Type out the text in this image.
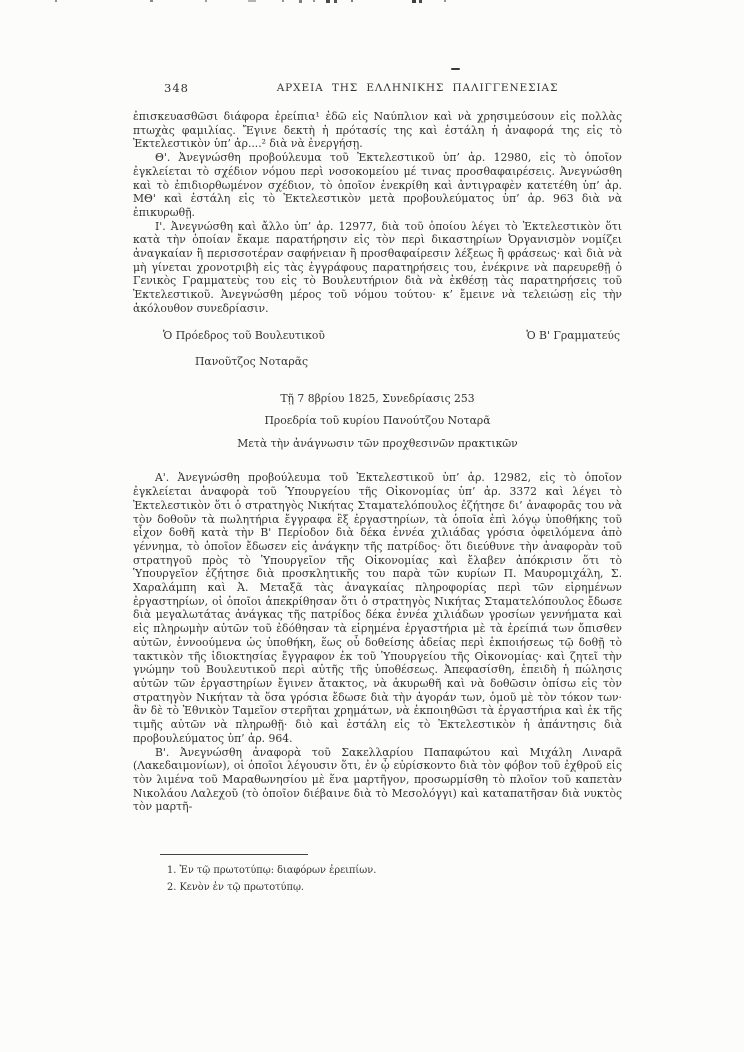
348	ΑΡΧΕΙΑ ΤΗΣ ΕΛΛΗΝΙΚΗΣ ΠΑΛΙΓΓΕΝΕΣΙΑΣ

ἐπισκευασθῶσι διάφορα ἐρείπια¹ ἐδῶ εἰς Ναύπλιον καὶ νὰ χρησιμεύσουν εἰς πολλὰς πτωχὰς φαμιλίας. Ἔγινε δεκτὴ ἡ πρότασίς της καὶ ἐστάλη ἡ ἀναφορά της εἰς τὸ Ἐκτελεστικὸν ὑπ’ ἀρ....² διὰ νὰ ἐνεργήσῃ.

Θ'. Ἀνεγνώσθη προβούλευμα τοῦ Ἐκτελεστικοῦ ὑπ’ ἀρ. 12980, εἰς τὸ ὁποῖον ἐγκλείεται τὸ σχέδιον νόμου περὶ νοσοκομείου μέ τινας προσθαφαιρέσεις. Ἀνεγνώσθη καὶ τὸ ἐπιδιορθωμένον σχέδιον, τὸ ὁποῖον ἐνεκρίθη καὶ ἀντιγραφὲν κατετέθη ὑπ’ ἀρ. ΜΘ' καὶ ἐστάλη εἰς τὸ Ἐκτελεστικὸν μετὰ προβουλεύματος ὑπ’ ἀρ. 963 διὰ νὰ ἐπικυρωθῇ.

Ι'. Ἀνεγνώσθη καὶ ἄλλο ὑπ’ ἀρ. 12977, διὰ τοῦ ὁποίου λέγει τὸ Ἐκτελεστικὸν ὅτι κατὰ τὴν ὁποίαν ἔκαμε παρατήρησιν εἰς τὸν περὶ δικαστηρίων Ὀργανισμὸν νομίζει ἀναγκαίαν ἢ περισσοτέραν σαφήνειαν ἢ προσθαφαίρεσιν λέξεως ἢ φράσεως· καὶ διὰ νὰ μὴ γίνεται χρονοτριβὴ εἰς τὰς ἐγγράφους παρατηρήσεις του, ἐνέκρινε νὰ παρευρεθῇ ὁ Γενικὸς Γραμματεὺς του εἰς τὸ Βουλευτήριον διὰ νὰ ἐκθέσῃ τὰς παρατηρήσεις τοῦ Ἐκτελεστικοῦ. Ἀνεγνώσθη μέρος τοῦ νόμου τούτου· κ’ ἔμεινε νὰ τελειώσῃ εἰς τὴν ἀκόλουθον συνεδρίασιν.

Ὁ Πρόεδρος τοῦ Βουλευτικοῦ
Πανοῦτζος Νοταρᾶς
Ὁ Β' Γραμματεύς
Τῇ 7 8βρίου 1825, Συνεδρίασις 253
Προεδρία τοῦ κυρίου Πανούτζου Νοταρᾶ
Μετὰ τὴν ἀνάγνωσιν τῶν προχθεσινῶν πρακτικῶν

Α'. Ἀνεγνώσθη προβούλευμα τοῦ Ἐκτελεστικοῦ ὑπ’ ἀρ. 12982, εἰς τὸ ὁποῖον ἐγκλείεται ἀναφορὰ τοῦ Ὑπουργείου τῆς Οἰκονομίας ὑπ’ ἀρ. 3372 καὶ λέγει τὸ Ἐκτελεστικὸν ὅτι ὁ στρατηγὸς Νικήτας Σταματελόπουλος ἐζήτησε δι’ ἀναφορᾶς του νὰ τὸν δοθοῦν τὰ πωλητήρια ἔγγραφα ἓξ ἐργαστηρίων, τὰ ὁποῖα ἐπὶ λόγῳ ὑποθήκης τοῦ εἶχον δοθῆ κατὰ τὴν Β' Περίοδον διὰ δέκα ἐννέα χιλιάδας γρόσια ὀφειλόμενα ἀπὸ γέννημα, τὸ ὁποῖον ἔδωσεν εἰς ἀνάγκην τῆς πατρίδος· ὅτι διεύθυνε τὴν ἀναφορὰν τοῦ στρατηγοῦ πρὸς τὸ Ὑπουργεῖον τῆς Οἰκονομίας καὶ ἔλαβεν ἀπόκρισιν ὅτι τὸ Ὑπουργεῖον ἐζήτησε διὰ προσκλητικῆς του παρὰ τῶν κυρίων Π. Μαυρομιχάλη, Σ. Χαραλάμπη καὶ Ἀ. Μεταξᾶ τὰς ἀναγκαίας πληροφορίας περὶ τῶν εἰρημένων ἐργαστηρίων, οἱ ὁποῖοι ἀπεκρίθησαν ὅτι ὁ στρατηγὸς Νικήτας Σταματελόπουλος ἔδωσε διὰ μεγαλωτάτας ἀνάγκας τῆς πατρίδος δέκα ἐννέα χιλιάδων γροσίων γεννήματα καὶ εἰς πληρωμὴν αὐτῶν τοῦ ἐδόθησαν τὰ εἰρημένα ἐργαστήρια μὲ τὰ ἐρείπιά των ὄπισθεν αὐτῶν, ἐννοούμενα ὡς ὑποθήκη, ἕως οὗ δοθείσης ἀδείας περὶ ἐκποιήσεως τῷ δοθῇ τὸ τακτικὸν τῆς ἰδιοκτησίας ἔγγραφον ἐκ τοῦ Ὑπουργείου τῆς Οἰκονομίας· καὶ ζητεῖ τὴν γνώμην τοῦ Βουλευτικοῦ περὶ αὐτῆς τῆς ὑποθέσεως. Ἀπεφασίσθη, ἐπειδὴ ἡ πώλησις αὐτῶν τῶν ἐργαστηρίων ἔγινεν ἄτακτος, νὰ ἀκυρωθῆ καὶ νὰ δοθῶσιν ὀπίσω εἰς τὸν στρατηγὸν Νικήταν τὰ ὅσα γρόσια ἔδωσε διὰ τὴν ἀγοράν των, ὁμοῦ μὲ τὸν τόκον των· ἂν δὲ τὸ Ἐθνικὸν Ταμεῖον στερῆται χρημάτων, νὰ ἐκποιηθῶσι τὰ ἐργαστήρια καὶ ἐκ τῆς τιμῆς αὐτῶν νὰ πληρωθῇ· διὸ καὶ ἐστάλη εἰς τὸ Ἐκτελεστικὸν ἡ ἀπάντησις διὰ προβουλεύματος ὑπ’ ἀρ. 964.

Β'. Ἀνεγνώσθη ἀναφορὰ τοῦ Σακελλαρίου Παπαφώτου καὶ Μιχάλη Λιναρᾶ (Λακεδαιμονίων), οἱ ὁποῖοι λέγουσιν ὅτι, ἐν ᾧ εὑρίσκοντο διὰ τὸν φόβον τοῦ ἐχθροῦ εἰς τὸν λιμένα τοῦ Μαραθωνησίου μὲ ἕνα μαρτῆγον, προσωρμίσθη τὸ πλοῖον τοῦ καπετὰν Νικολάου Λαλεχοῦ (τὸ ὁποῖον διέβαινε διὰ τὸ Μεσολόγγι) καὶ καταπατῆσαν διὰ νυκτὸς τὸν μαρτῆ-

1. Ἐν τῷ πρωτοτύπῳ: διαφόρων ἐρειπίων.
2. Κενὸν ἐν τῷ πρωτοτύπῳ.
